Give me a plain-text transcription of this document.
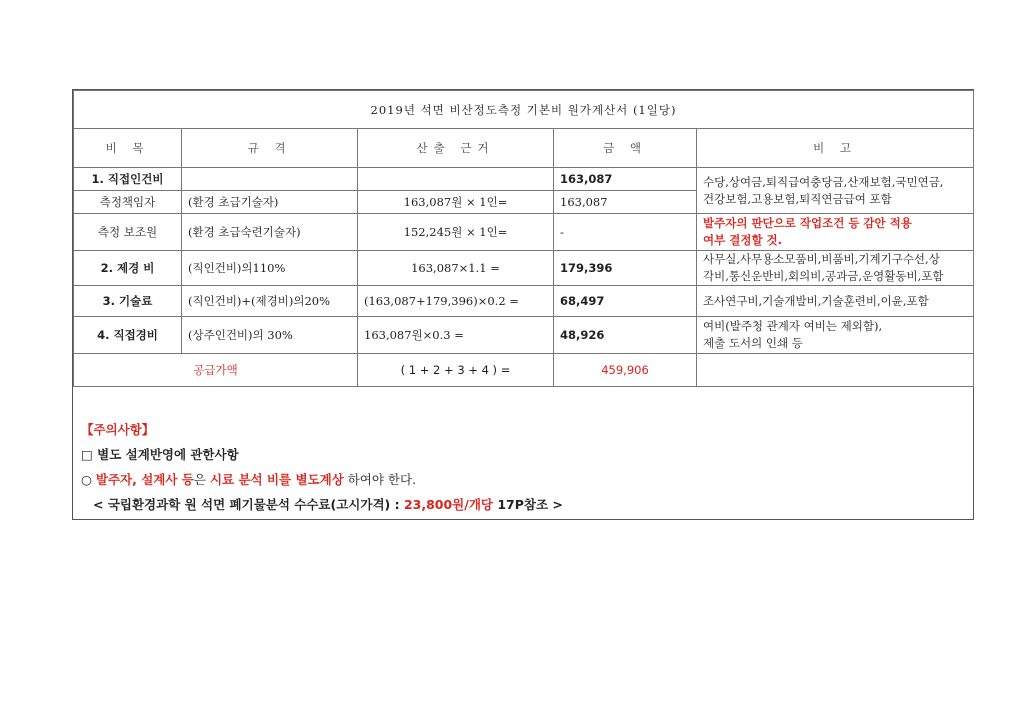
2019년 석면 비산정도측정 기본비 원가계산서 (1일당)				
비 목	규 격	산출 근거	금 액	비 고
1. 직접인건비			163,087	수당,상여금,퇴직급여충당금,산재보험,국민연금,
건강보험,고용보험,퇴직연금급여 포함
측정책임자	(환경 초급기술자)	163,087원 × 1인=	163,087	
측정 보조원	(환경 초급숙련기술자)	152,245원 × 1인=	-	발주자의 판단으로 작업조건 등 감안 적용
여부 결정할 것.
2. 제경 비	(직인건비)의110%	163,087×1.1 =	179,396	사무실,사무용소모품비,비품비,기계기구수선,상
각비,통신운반비,회의비,공과금,운영활동비,포함
3. 기술료	(직인건비)+(제경비)의20%	(163,087+179,396)×0.2 =	68,497	조사연구비,기술개발비,기술훈련비,이윤,포함
4. 직접경비	(상주인건비)의 30%	163,087원×0.3 =	48,926	여비(발주청 관계자 여비는 제외함),
제출 도서의 인쇄 등
공급가액		( 1 + 2 + 3 + 4 ) =	459,906	
【주의사항】
□ 별도 설계반영에 관한사항
○ 발주자, 설계사 등은 시료 분석 비를 별도계상 하여야 한다.
< 국립환경과학 원 석면 폐기물분석 수수료(고시가격) : 23,800원/개당 17P참조 >
